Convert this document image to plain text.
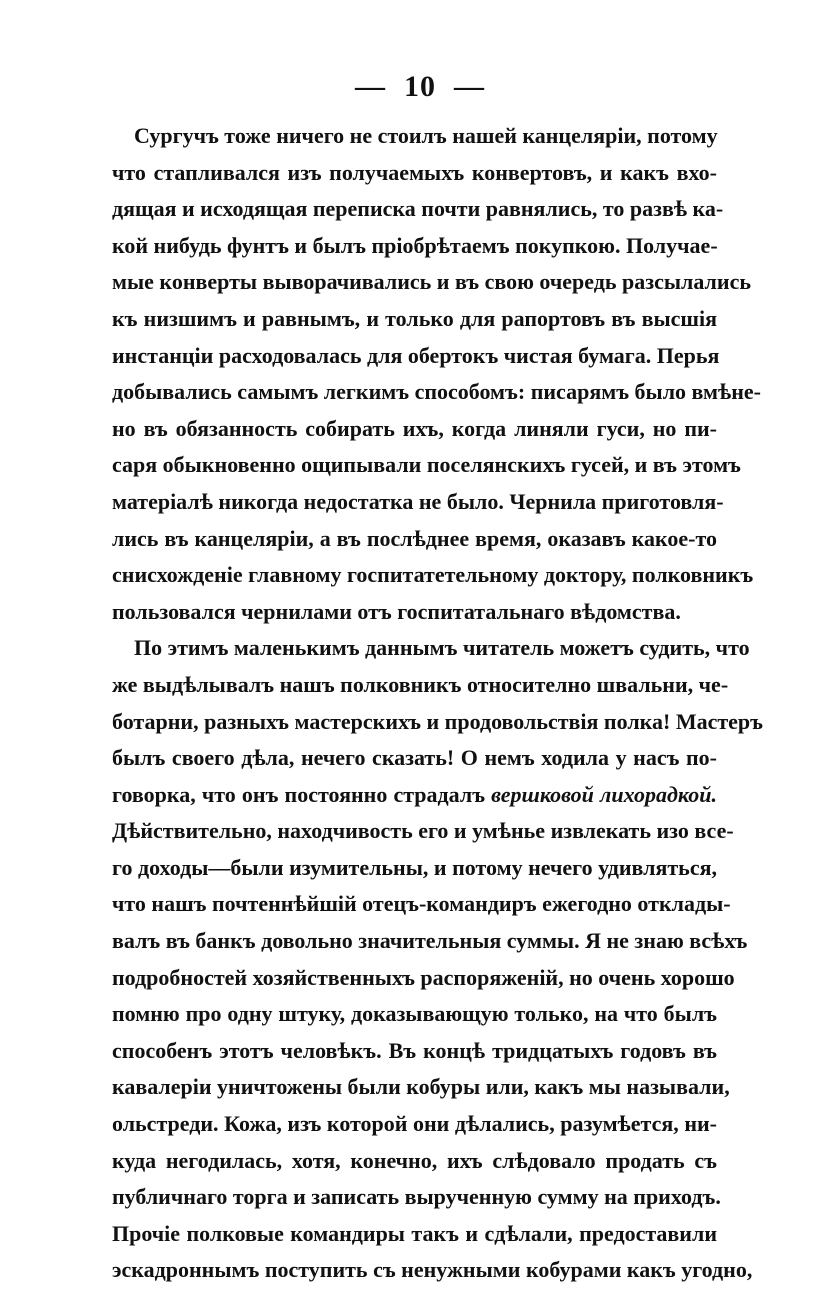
— 10 —
Сургучъ тоже ничего не стоилъ нашей канцеляріи, потому
что стапливался изъ получаемыхъ конвертовъ, и какъ вхо-
дящая и исходящая переписка почти равнялись, то развѣ ка-
кой нибудь фунтъ и былъ пріобрѣтаемъ покупкою. Получае-
мые конверты выворачивались и въ свою очередь разсылались
къ низшимъ и равнымъ, и только для рапортовъ въ высшія
инстанціи расходовалась для обертокъ чистая бумага. Перья
добывались самымъ легкимъ способомъ: писарямъ было вмѣне-
но въ обязанность собирать ихъ, когда линяли гуси, но пи-
саря обыкновенно ощипывали поселянскихъ гусей, и въ этомъ
матеріалѣ никогда недостатка не было. Чернила приготовля-
лись въ канцеляріи, а въ послѣднее время, оказавъ какое-то
снисхожденіе главному госпитатетельному доктору, полковникъ
пользовался чернилами отъ госпитатальнаго вѣдомства.
По этимъ маленькимъ даннымъ читатель можетъ судить, что
же выдѣлывалъ нашъ полковникъ относително швальни, че-
ботарни, разныхъ мастерскихъ и продовольствія полка! Мастеръ
былъ своего дѣла, нечего сказать! О немъ ходила у насъ по-
говорка, что онъ постоянно страдалъ вершковой лихорадкой.
Дѣйствительно, находчивость его и умѣнье извлекать изо все-
го доходы—были изумительны, и потому нечего удивляться,
что нашъ почтеннѣйшій отецъ-командиръ ежегодно отклады-
валъ въ банкъ довольно значительныя суммы. Я не знаю всѣхъ
подробностей хозяйственныхъ распоряженій, но очень хорошо
помню про одну штуку, доказывающую только, на что былъ
способенъ этотъ человѣкъ. Въ концѣ тридцатыхъ годовъ въ
кавалеріи уничтожены были кобуры или, какъ мы называли,
ольстреди. Кожа, изъ которой они дѣлались, разумѣется, ни-
куда негодилась, хотя, конечно, ихъ слѣдовало продать съ
публичнаго торга и записать вырученную сумму на приходъ.
Прочіе полковые командиры такъ и сдѣлали, предоставили
эскадроннымъ поступить съ ненужными кобурами какъ угодно,
